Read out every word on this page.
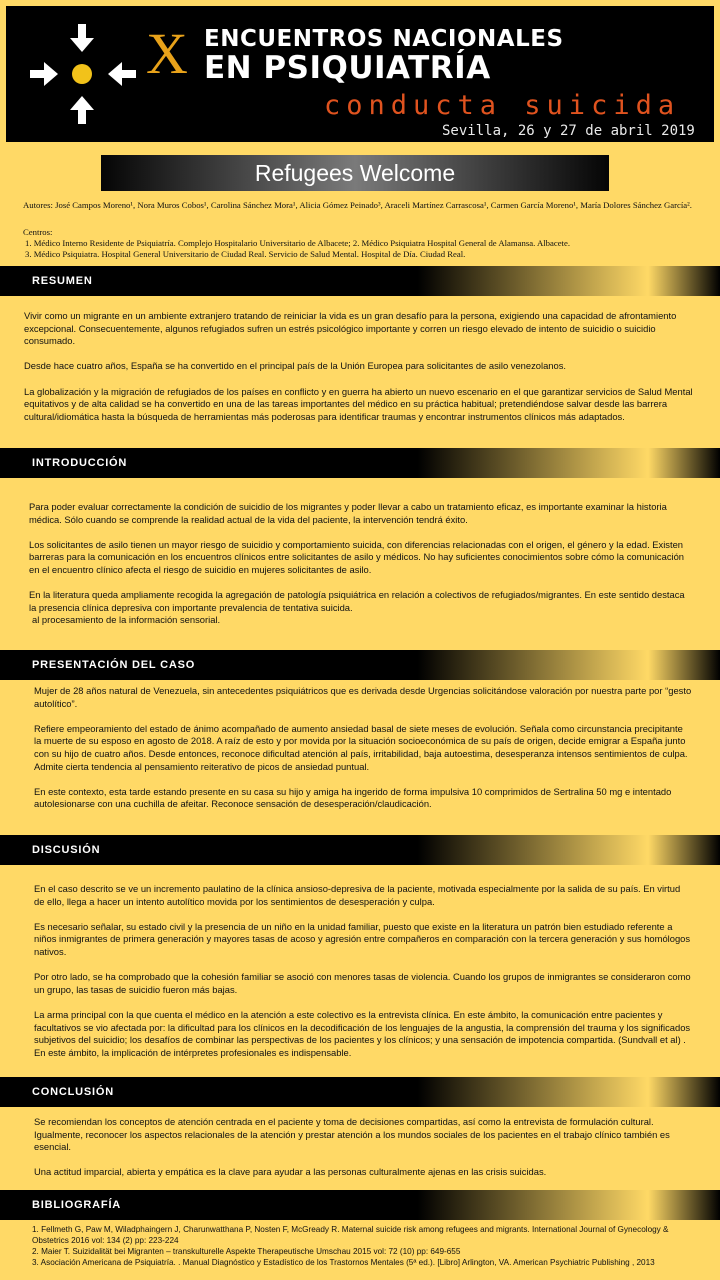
X ENCUENTROS NACIONALES
EN PSIQUIATRÍA
conducta suicida
Sevilla, 26 y 27 de abril 2019
Refugees Welcome
Autores: José Campos Moreno¹, Nora Muros Cobos¹, Carolina Sánchez Mora¹, Alicia Gómez Peinado³, Araceli Martínez Carrascosa¹, Carmen García Moreno¹, María Dolores Sánchez García².
Centros:
1. Médico Interno Residente de Psiquiatría. Complejo Hospitalario Universitario de Albacete; 2. Médico Psiquiatra Hospital General de Alamansa. Albacete.
3. Médico Psiquiatra. Hospital General Universitario de Ciudad Real. Servicio de Salud Mental. Hospital de Día. Ciudad Real.
RESUMEN

Vivir como un migrante en un ambiente extranjero tratando de reiniciar la vida es un gran desafío para la persona, exigiendo una capacidad de afrontamiento excepcional. Consecuentemente, algunos refugiados sufren un estrés psicológico importante y corren un riesgo elevado de intento de suicidio o suicidio consumado.

Desde hace cuatro años, España se ha convertido en el principal país de la Unión Europea para solicitantes de asilo venezolanos.

La globalización y la migración de refugiados de los países en conflicto y en guerra ha abierto un nuevo escenario en el que garantizar servicios de Salud Mental equitativos y de alta calidad se ha convertido en una de las tareas importantes del médico en su práctica habitual; pretendiéndose salvar desde las barrera cultural/idiomática hasta la búsqueda de herramientas más poderosas para identificar traumas y encontrar instrumentos clínicos más adaptados.

INTRODUCCIÓN

Para poder evaluar correctamente la condición de suicidio de los migrantes y poder llevar a cabo un tratamiento eficaz, es importante examinar la historia médica. Sólo cuando se comprende la realidad actual de la vida del paciente, la intervención tendrá éxito.

Los solicitantes de asilo tienen un mayor riesgo de suicidio y comportamiento suicida, con diferencias relacionadas con el origen, el género y la edad. Existen barreras para la comunicación en los encuentros clínicos entre solicitantes de asilo y médicos. No hay suficientes conocimientos sobre cómo la comunicación en el encuentro clínico afecta el riesgo de suicidio en mujeres solicitantes de asilo.

En la literatura queda ampliamente recogida la agregación de patología psiquiátrica en relación a colectivos de refugiados/migrantes. En este sentido destaca la presencia clínica depresiva con importante prevalencia de tentativa suicida.

al procesamiento de la información sensorial.

PRESENTACIÓN DEL CASO

Mujer de 28 años natural de Venezuela, sin antecedentes psiquiátricos que es derivada desde Urgencias solicitándose valoración por nuestra parte por “gesto autolítico”.

Refiere empeoramiento del estado de ánimo acompañado de aumento ansiedad basal de siete meses de evolución. Señala como circunstancia precipitante la muerte de su esposo en agosto de 2018. A raíz de esto y por movida por la situación socioeconómica de su país de origen, decide emigrar a España junto con su hijo de cuatro años. Desde entonces, reconoce dificultad atención al país, irritabilidad, baja autoestima, desesperanza intensos sentimientos de culpa. Admite cierta tendencia al pensamiento reiterativo de picos de ansiedad puntual.

En este contexto, esta tarde estando presente en su casa su hijo y amiga ha ingerido de forma impulsiva 10 comprimidos de Sertralina 50 mg e intentado autolesionarse con una cuchilla de afeitar. Reconoce sensación de desesperación/claudicación.

DISCUSIÓN

En el caso descrito se ve un incremento paulatino de la clínica ansioso-depresiva de la paciente, motivada especialmente por la salida de su país. En virtud de ello, llega a hacer un intento autolítico movida por los sentimientos de desesperación y culpa.

Es necesario señalar, su estado civil y la presencia de un niño en la unidad familiar, puesto que existe en la literatura un patrón bien estudiado referente a niños inmigrantes de primera generación y mayores tasas de acoso y agresión entre compañeros en comparación con la tercera generación y sus homólogos nativos.

Por otro lado, se ha comprobado que la cohesión familiar se asoció con menores tasas de violencia. Cuando los grupos de inmigrantes se consideraron como un grupo, las tasas de suicidio fueron más bajas.

La arma principal con la que cuenta el médico en la atención a este colectivo es la entrevista clínica. En este ámbito, la comunicación entre pacientes y facultativos se vio afectada por: la dificultad para los clínicos en la decodificación de los lenguajes de la angustia, la comprensión del trauma y los significados subjetivos del suicidio; los desafíos de combinar las perspectivas de los pacientes y los clínicos; y una sensación de impotencia compartida. (Sundvall et al) . En este ámbito, la implicación de intérpretes profesionales es indispensable.

CONCLUSIÓN

Se recomiendan los conceptos de atención centrada en el paciente y toma de decisiones compartidas, así como la entrevista de formulación cultural. Igualmente, reconocer los aspectos relacionales de la atención y prestar atención a los mundos sociales de los pacientes en el trabajo clínico también es esencial.

Una actitud imparcial, abierta y empática es la clave para ayudar a las personas culturalmente ajenas en las crisis suicidas.

BIBLIOGRAFÍA
1. Fellmeth G, Paw M, Wiladphaingern J, Charunwatthana P, Nosten F, McGready R. Maternal suicide risk among refugees and migrants. International Journal of Gynecology & Obstetrics 2016 vol: 134 (2) pp: 223-224
2. Maier T. Suizidalität bei Migranten – transkulturelle Aspekte Therapeutische Umschau 2015 vol: 72 (10) pp: 649-655
3. Asociación Americana de Psiquiatría. . Manual Diagnóstico y Estadístico de los Trastornos Mentales (5ª ed.). [Libro] Arlington, VA. American Psychiatric Publishing , 2013
